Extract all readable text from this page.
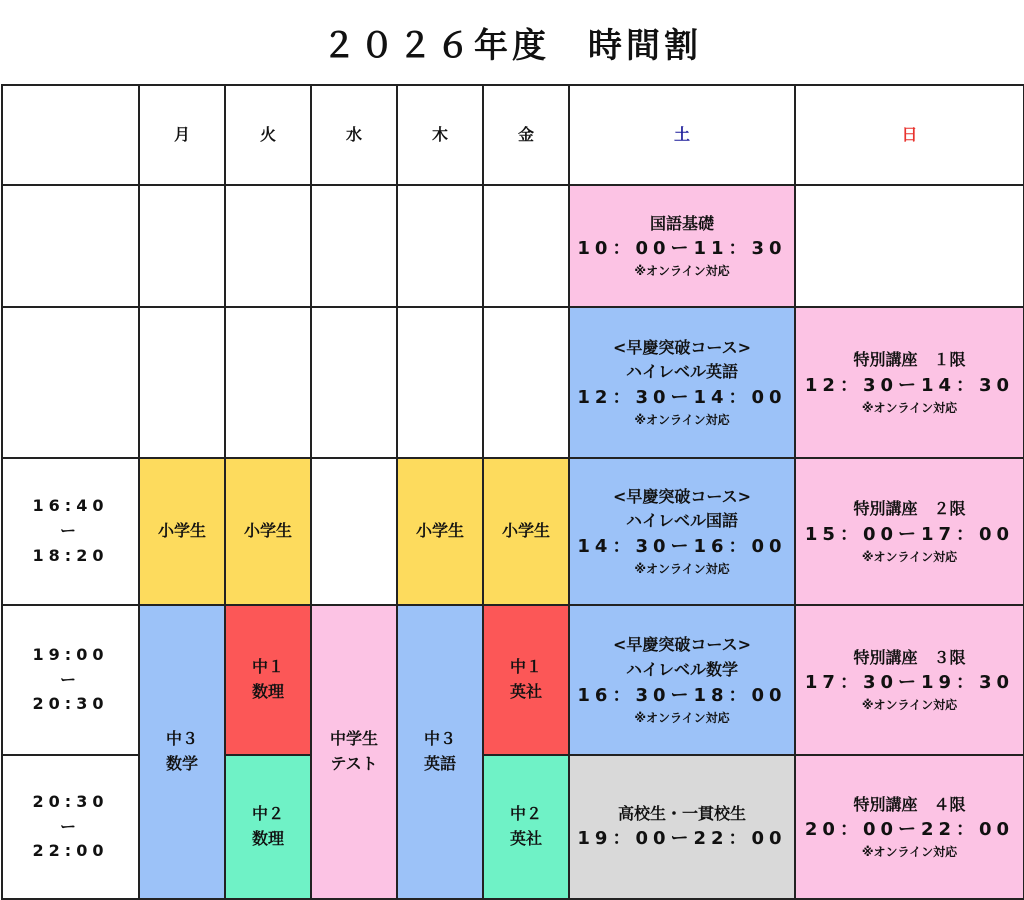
２０２６年度　時間割
	月	火	水	木	金	土	日

						国語基礎
10：00ー11：30
※オンライン対応	

						<早慶突破コース>
ハイレベル英語
12：30ー14：00
※オンライン対応	特別講座　１限
12：30ー14：30
※オンライン対応

16:40
ー
18:20	小学生	小学生		小学生	小学生	<早慶突破コース>
ハイレベル国語
14：30ー16：00
※オンライン対応	特別講座　２限
15：00ー17：00
※オンライン対応

19:00
ー
20:30	中３
数学	中１
数理	中学生
テスト	中３
英語	中１
英社	<早慶突破コース>
ハイレベル数学
16：30ー18：00
※オンライン対応	特別講座　３限
17：30ー19：30
※オンライン対応

20:30
ー
22:00		中２
数理			中２
英社	高校生・一貫校生
19：00ー22：00	特別講座　４限
20：00ー22：00
※オンライン対応
